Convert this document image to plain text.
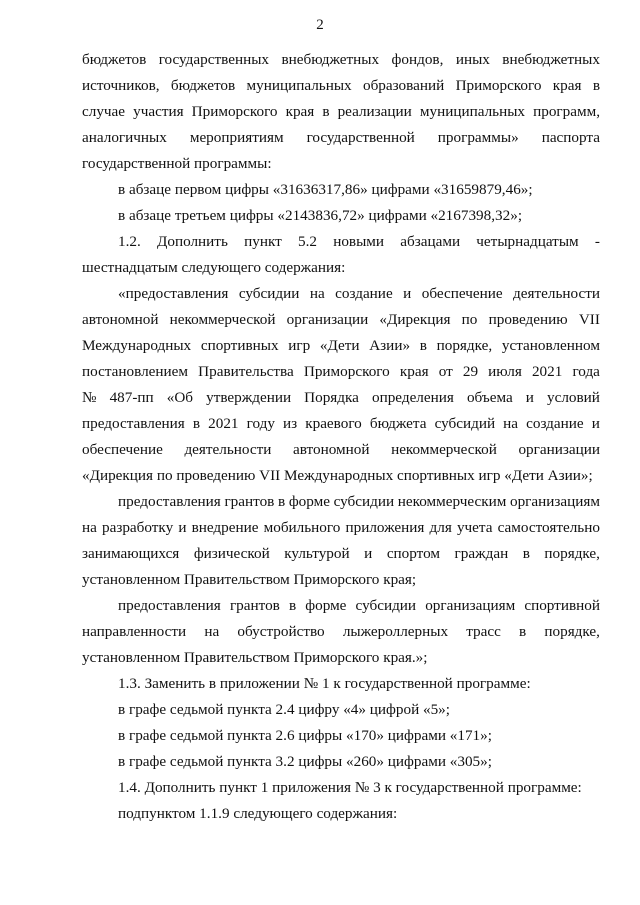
2
бюджетов государственных внебюджетных фондов, иных внебюджетных
источников, бюджетов муниципальных образований Приморского края в
случае участия Приморского края в реализации муниципальных программ,
аналогичных мероприятиям государственной программы» паспорта
государственной программы:
в абзаце первом цифры «31636317,86» цифрами «31659879,46»;
в абзаце третьем цифры «2143836,72» цифрами «2167398,32»;
1.2. Дополнить пункт 5.2 новыми абзацами четырнадцатым -
шестнадцатым следующего содержания:
«предоставления субсидии на создание и обеспечение деятельности
автономной некоммерческой организации «Дирекция по проведению VII
Международных спортивных игр «Дети Азии» в порядке, установленном
постановлением Правительства Приморского края от 29 июля 2021 года
№ 487-пп «Об утверждении Порядка определения объема и условий
предоставления в 2021 году из краевого бюджета субсидий на создание и
обеспечение деятельности автономной некоммерческой организации
«Дирекция по проведению VII Международных спортивных игр «Дети Азии»;
предоставления грантов в форме субсидии некоммерческим организациям
на разработку и внедрение мобильного приложения для учета самостоятельно
занимающихся физической культурой и спортом граждан в порядке,
установленном Правительством Приморского края;
предоставления грантов в форме субсидии организациям спортивной
направленности на обустройство лыжероллерных трасс в порядке,
установленном Правительством Приморского края.»;
1.3. Заменить в приложении № 1 к государственной программе:
в графе седьмой пункта 2.4 цифру «4» цифрой «5»;
в графе седьмой пункта 2.6 цифры «170» цифрами «171»;
в графе седьмой пункта 3.2 цифры «260» цифрами «305»;
1.4. Дополнить пункт 1 приложения № 3 к государственной программе:
подпунктом 1.1.9 следующего содержания:
